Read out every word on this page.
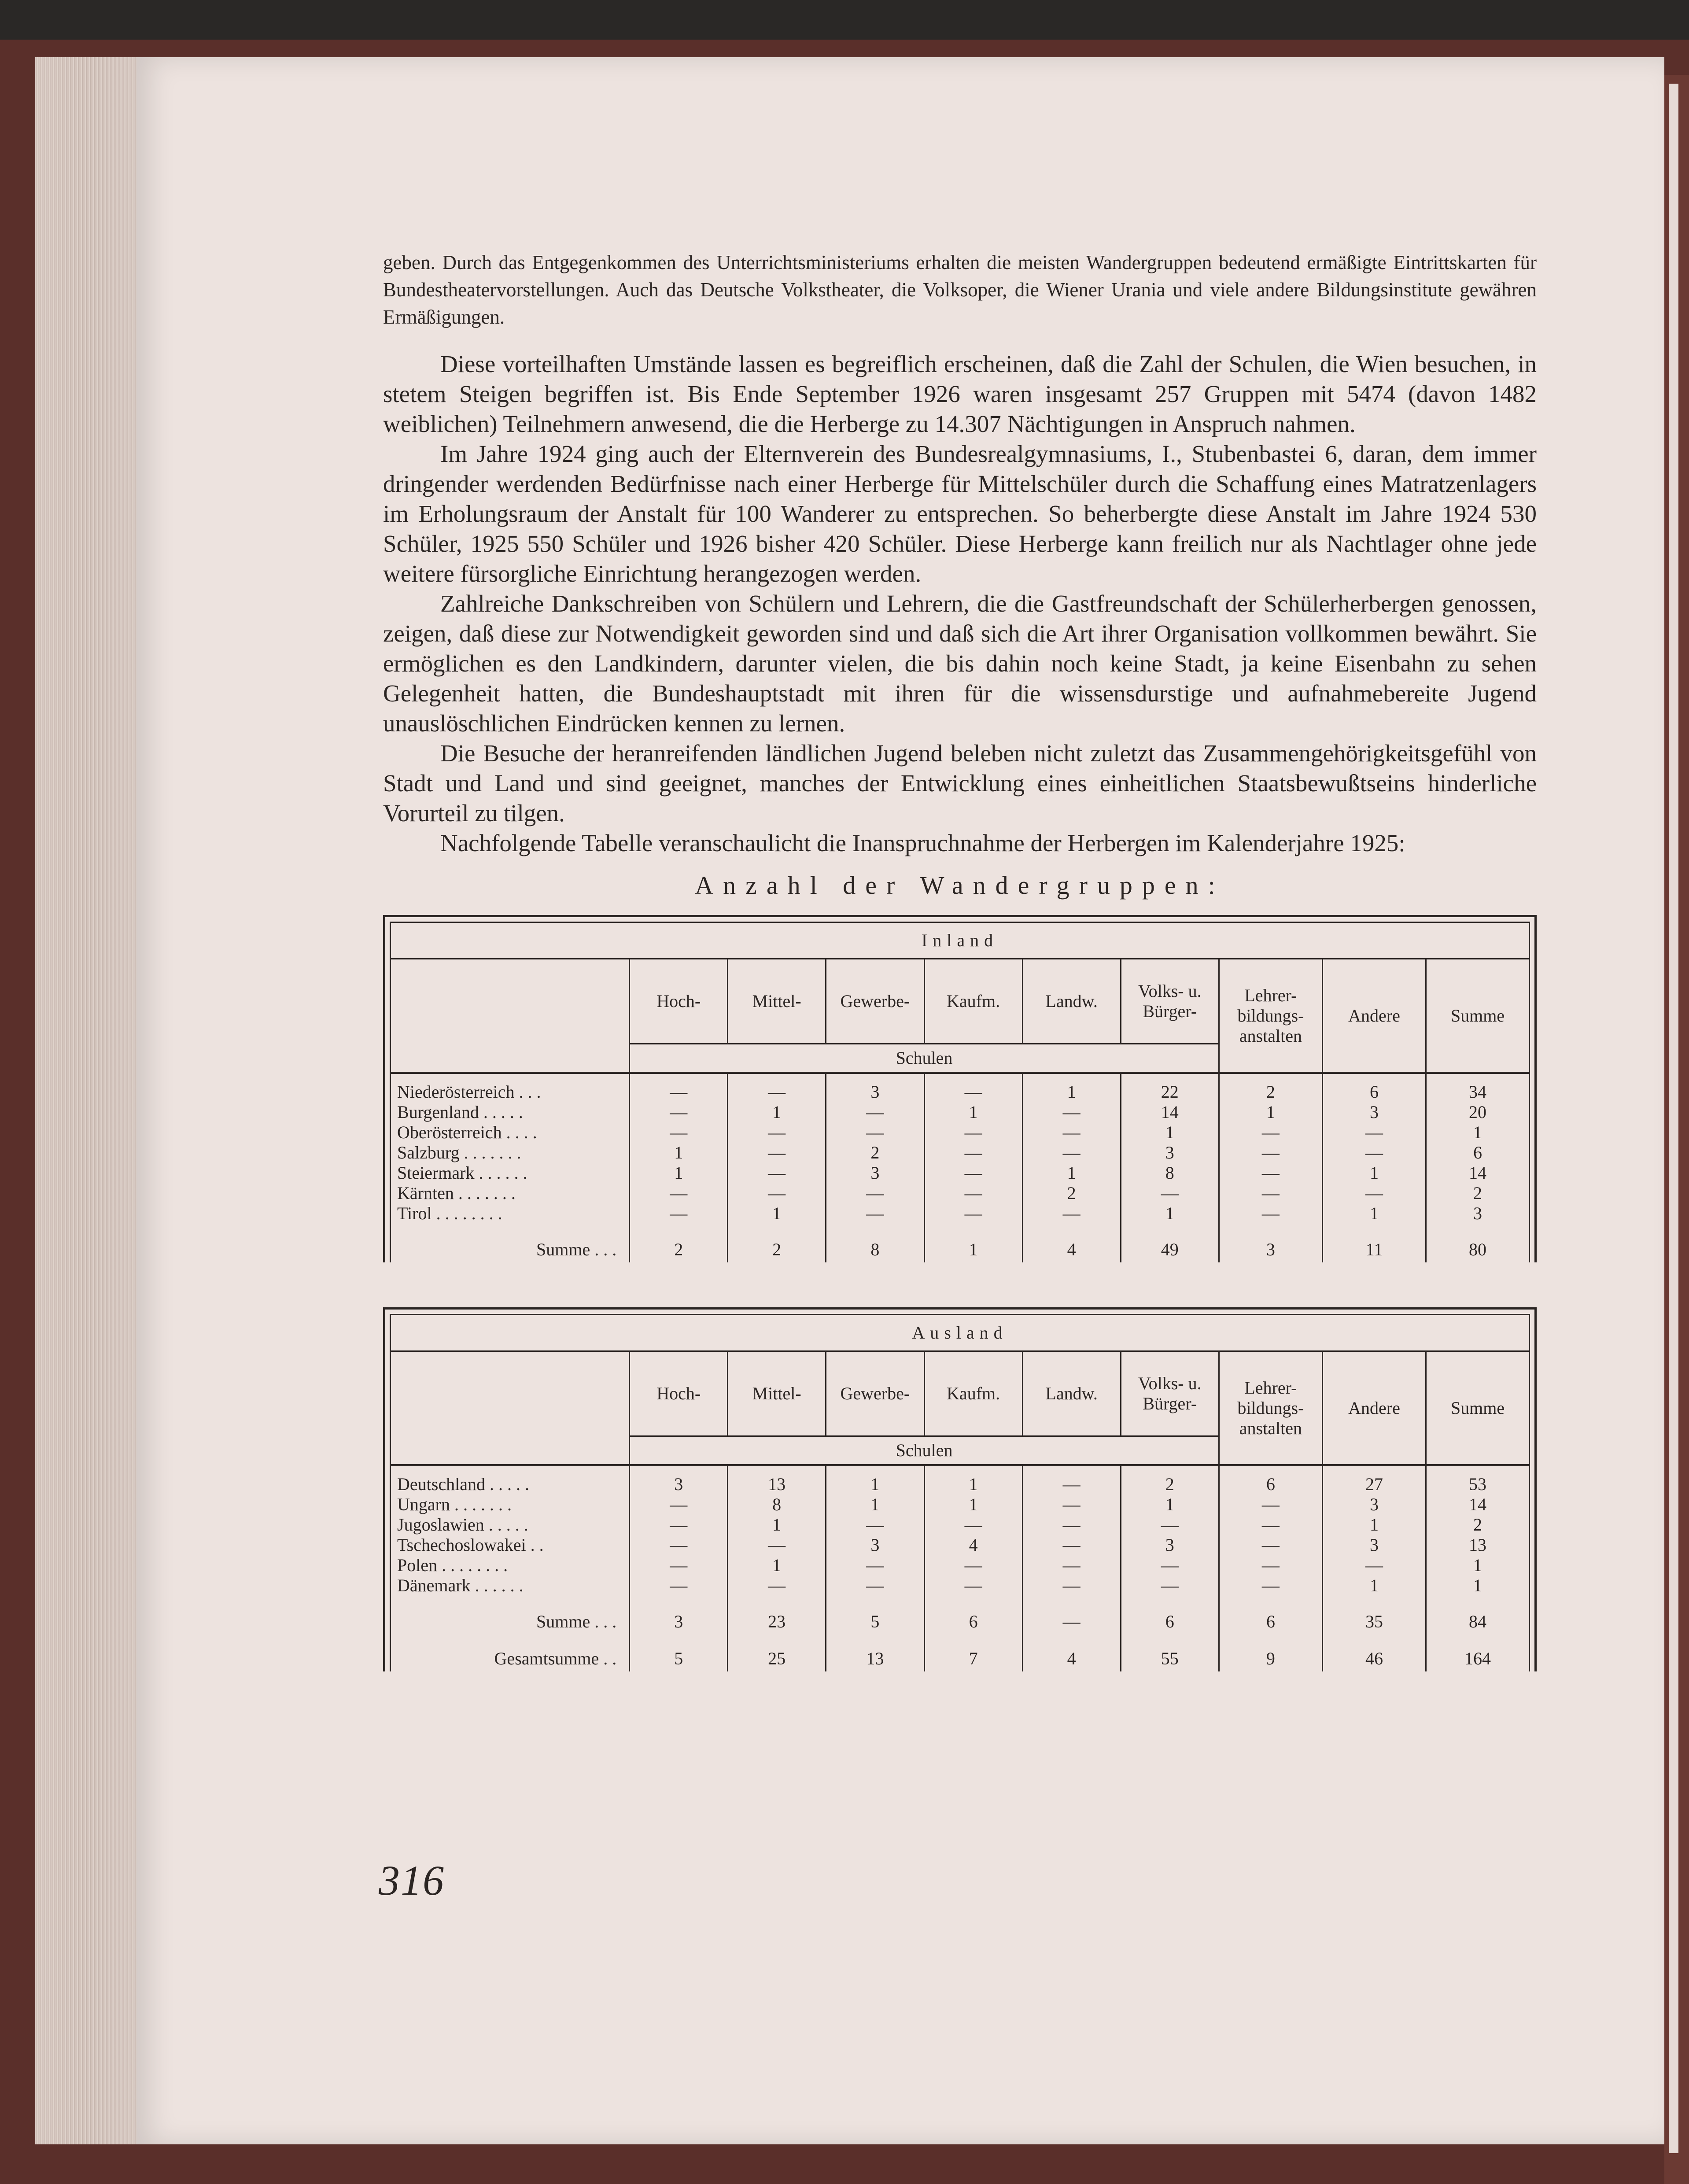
geben. Durch das Entgegenkommen des Unterrichtsministeriums erhalten die meisten Wandergruppen bedeutend ermäßigte Eintrittskarten für Bundestheatervorstellungen. Auch das Deutsche Volkstheater, die Volksoper, die Wiener Urania und viele andere Bildungsinstitute gewähren Ermäßigungen.

Diese vorteilhaften Umstände lassen es begreiflich erscheinen, daß die Zahl der Schulen, die Wien besuchen, in stetem Steigen begriffen ist. Bis Ende September 1926 waren insgesamt 257 Gruppen mit 5474 (davon 1482 weiblichen) Teilnehmern anwesend, die die Herberge zu 14.307 Nächtigungen in Anspruch nahmen.

Im Jahre 1924 ging auch der Elternverein des Bundesrealgymnasiums, I., Stubenbastei 6, daran, dem immer dringender werdenden Bedürfnisse nach einer Herberge für Mittelschüler durch die Schaffung eines Matratzenlagers im Erholungsraum der Anstalt für 100 Wanderer zu entsprechen. So beherbergte diese Anstalt im Jahre 1924 530 Schüler, 1925 550 Schüler und 1926 bisher 420 Schüler. Diese Herberge kann freilich nur als Nachtlager ohne jede weitere fürsorgliche Einrichtung herangezogen werden.

Zahlreiche Dankschreiben von Schülern und Lehrern, die die Gastfreundschaft der Schülerherbergen genossen, zeigen, daß diese zur Notwendigkeit geworden sind und daß sich die Art ihrer Organisation vollkommen bewährt. Sie ermöglichen es den Landkindern, darunter vielen, die bis dahin noch keine Stadt, ja keine Eisenbahn zu sehen Gelegenheit hatten, die Bundeshauptstadt mit ihren für die wissensdurstige und aufnahmebereite Jugend unauslöschlichen Eindrücken kennen zu lernen.

Die Besuche der heranreifenden ländlichen Jugend beleben nicht zuletzt das Zusammengehörigkeitsgefühl von Stadt und Land und sind geeignet, manches der Entwicklung eines einheitlichen Staatsbewußtseins hinderliche Vorurteil zu tilgen.

Nachfolgende Tabelle veranschaulicht die Inanspruchnahme der Herbergen im Kalenderjahre 1925:

Anzahl der Wandergruppen:
Inland									
	Hoch-	Mittel-	Gewerbe-	Kaufm.	Landw.	Volks- u.
Bürger-	Lehrer-
bildungs-
anstalten	Andere	Summe
	Schulen								

Niederösterreich ...	—	—	3	—	1	22	2	6	34
Burgenland .....	—	1	—	1	—	14	1	3	20
Oberösterreich ....	—	—	—	—	—	1	—	—	1
Salzburg .......	1	—	2	—	—	3	—	—	6
Steiermark ......	1	—	3	—	1	8	—	1	14
Kärnten .......	—	—	—	—	2	—	—	—	2
Tirol ........	—	1	—	—	—	1	—	1	3

Summe ...	2	2	8	1	4	49	3	11	80
Ausland									
	Hoch-	Mittel-	Gewerbe-	Kaufm.	Landw.	Volks- u.
Bürger-	Lehrer-
bildungs-
anstalten	Andere	Summe
	Schulen								

Deutschland .....	3	13	1	1	—	2	6	27	53
Ungarn .......	—	8	1	1	—	1	—	3	14
Jugoslawien .....	—	1	—	—	—	—	—	1	2
Tschechoslowakei ..	—	—	3	4	—	3	—	3	13
Polen ........	—	1	—	—	—	—	—	—	1
Dänemark ......	—	—	—	—	—	—	—	1	1

Summe ...	3	23	5	6	—	6	6	35	84

Gesamtsumme ..	5	25	13	7	4	55	9	46	164
316
